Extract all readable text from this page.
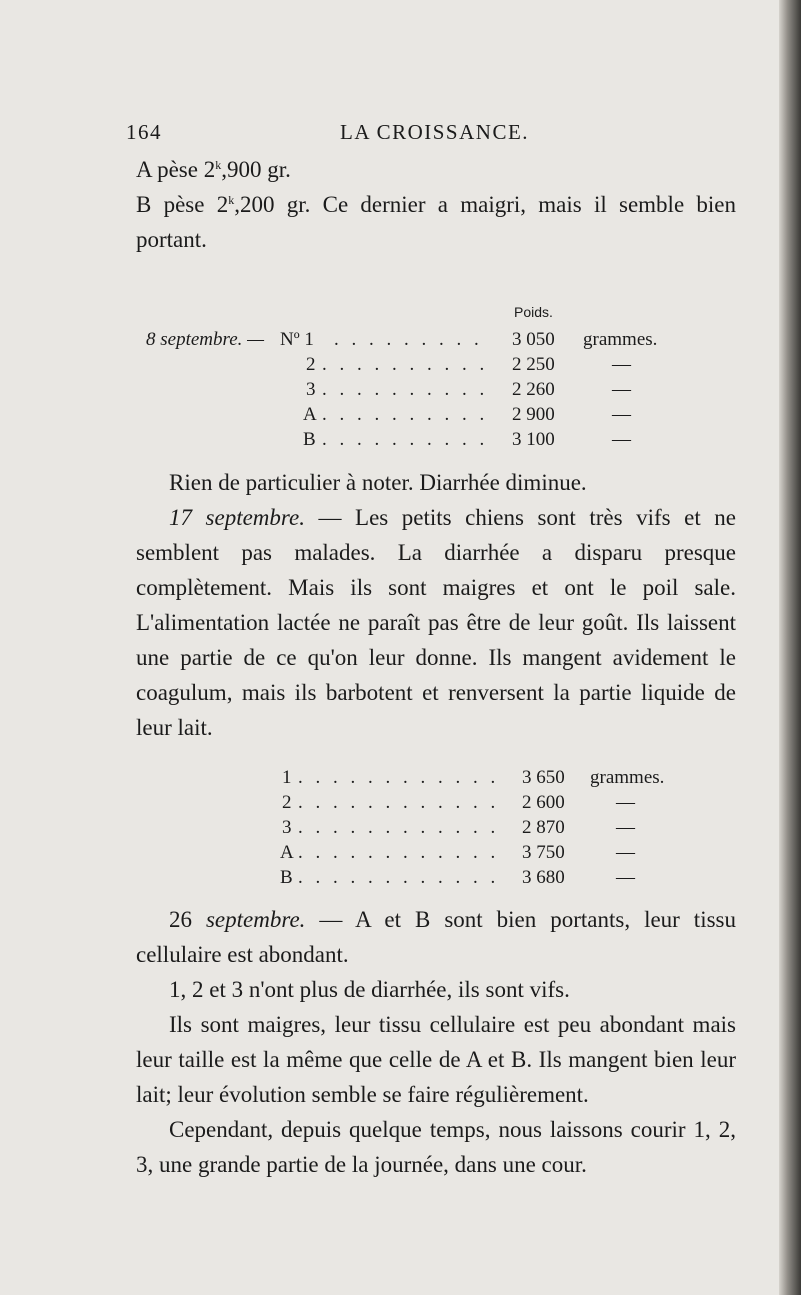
164	LA CROISSANCE.

A pèse 2$^k$,900 gr.

B pèse 2$^k$,200 gr. Ce dernier a maigri, mais il semble bien portant.

Poids.
8 septembre. — Nº 1 . . . . . . . . . 3 050 grammes.
2 . . . . . . . . . . 2 250	—
3 . . . . . . . . . . 2 260	—
A . . . . . . . . . . 2 900	—
B . . . . . . . . . . 3 100	—

Rien de particulier à noter. Diarrhée diminue.

17 septembre. — Les petits chiens sont très vifs et ne semblent pas malades. La diarrhée a disparu presque complètement. Mais ils sont maigres et ont le poil sale. L'alimentation lactée ne paraît pas être de leur goût. Ils laissent une partie de ce qu'on leur donne. Ils mangent avidement le coagulum, mais ils barbotent et renversent la partie liquide de leur lait.

1 . . . . . . . . . . . . 3 650 grammes.
2 . . . . . . . . . . . . 2 600	—
3 . . . . . . . . . . . . 2 870	—
A . . . . . . . . . . . . 3 750	—
B . . . . . . . . . . . . 3 680	—

26 septembre. — A et B sont bien portants, leur tissu cellulaire est abondant.

1, 2 et 3 n'ont plus de diarrhée, ils sont vifs.

Ils sont maigres, leur tissu cellulaire est peu abondant mais leur taille est la même que celle de A et B. Ils mangent bien leur lait; leur évolution semble se faire régulièrement.

Cependant, depuis quelque temps, nous laissons courir 1, 2, 3, une grande partie de la journée, dans une cour.
